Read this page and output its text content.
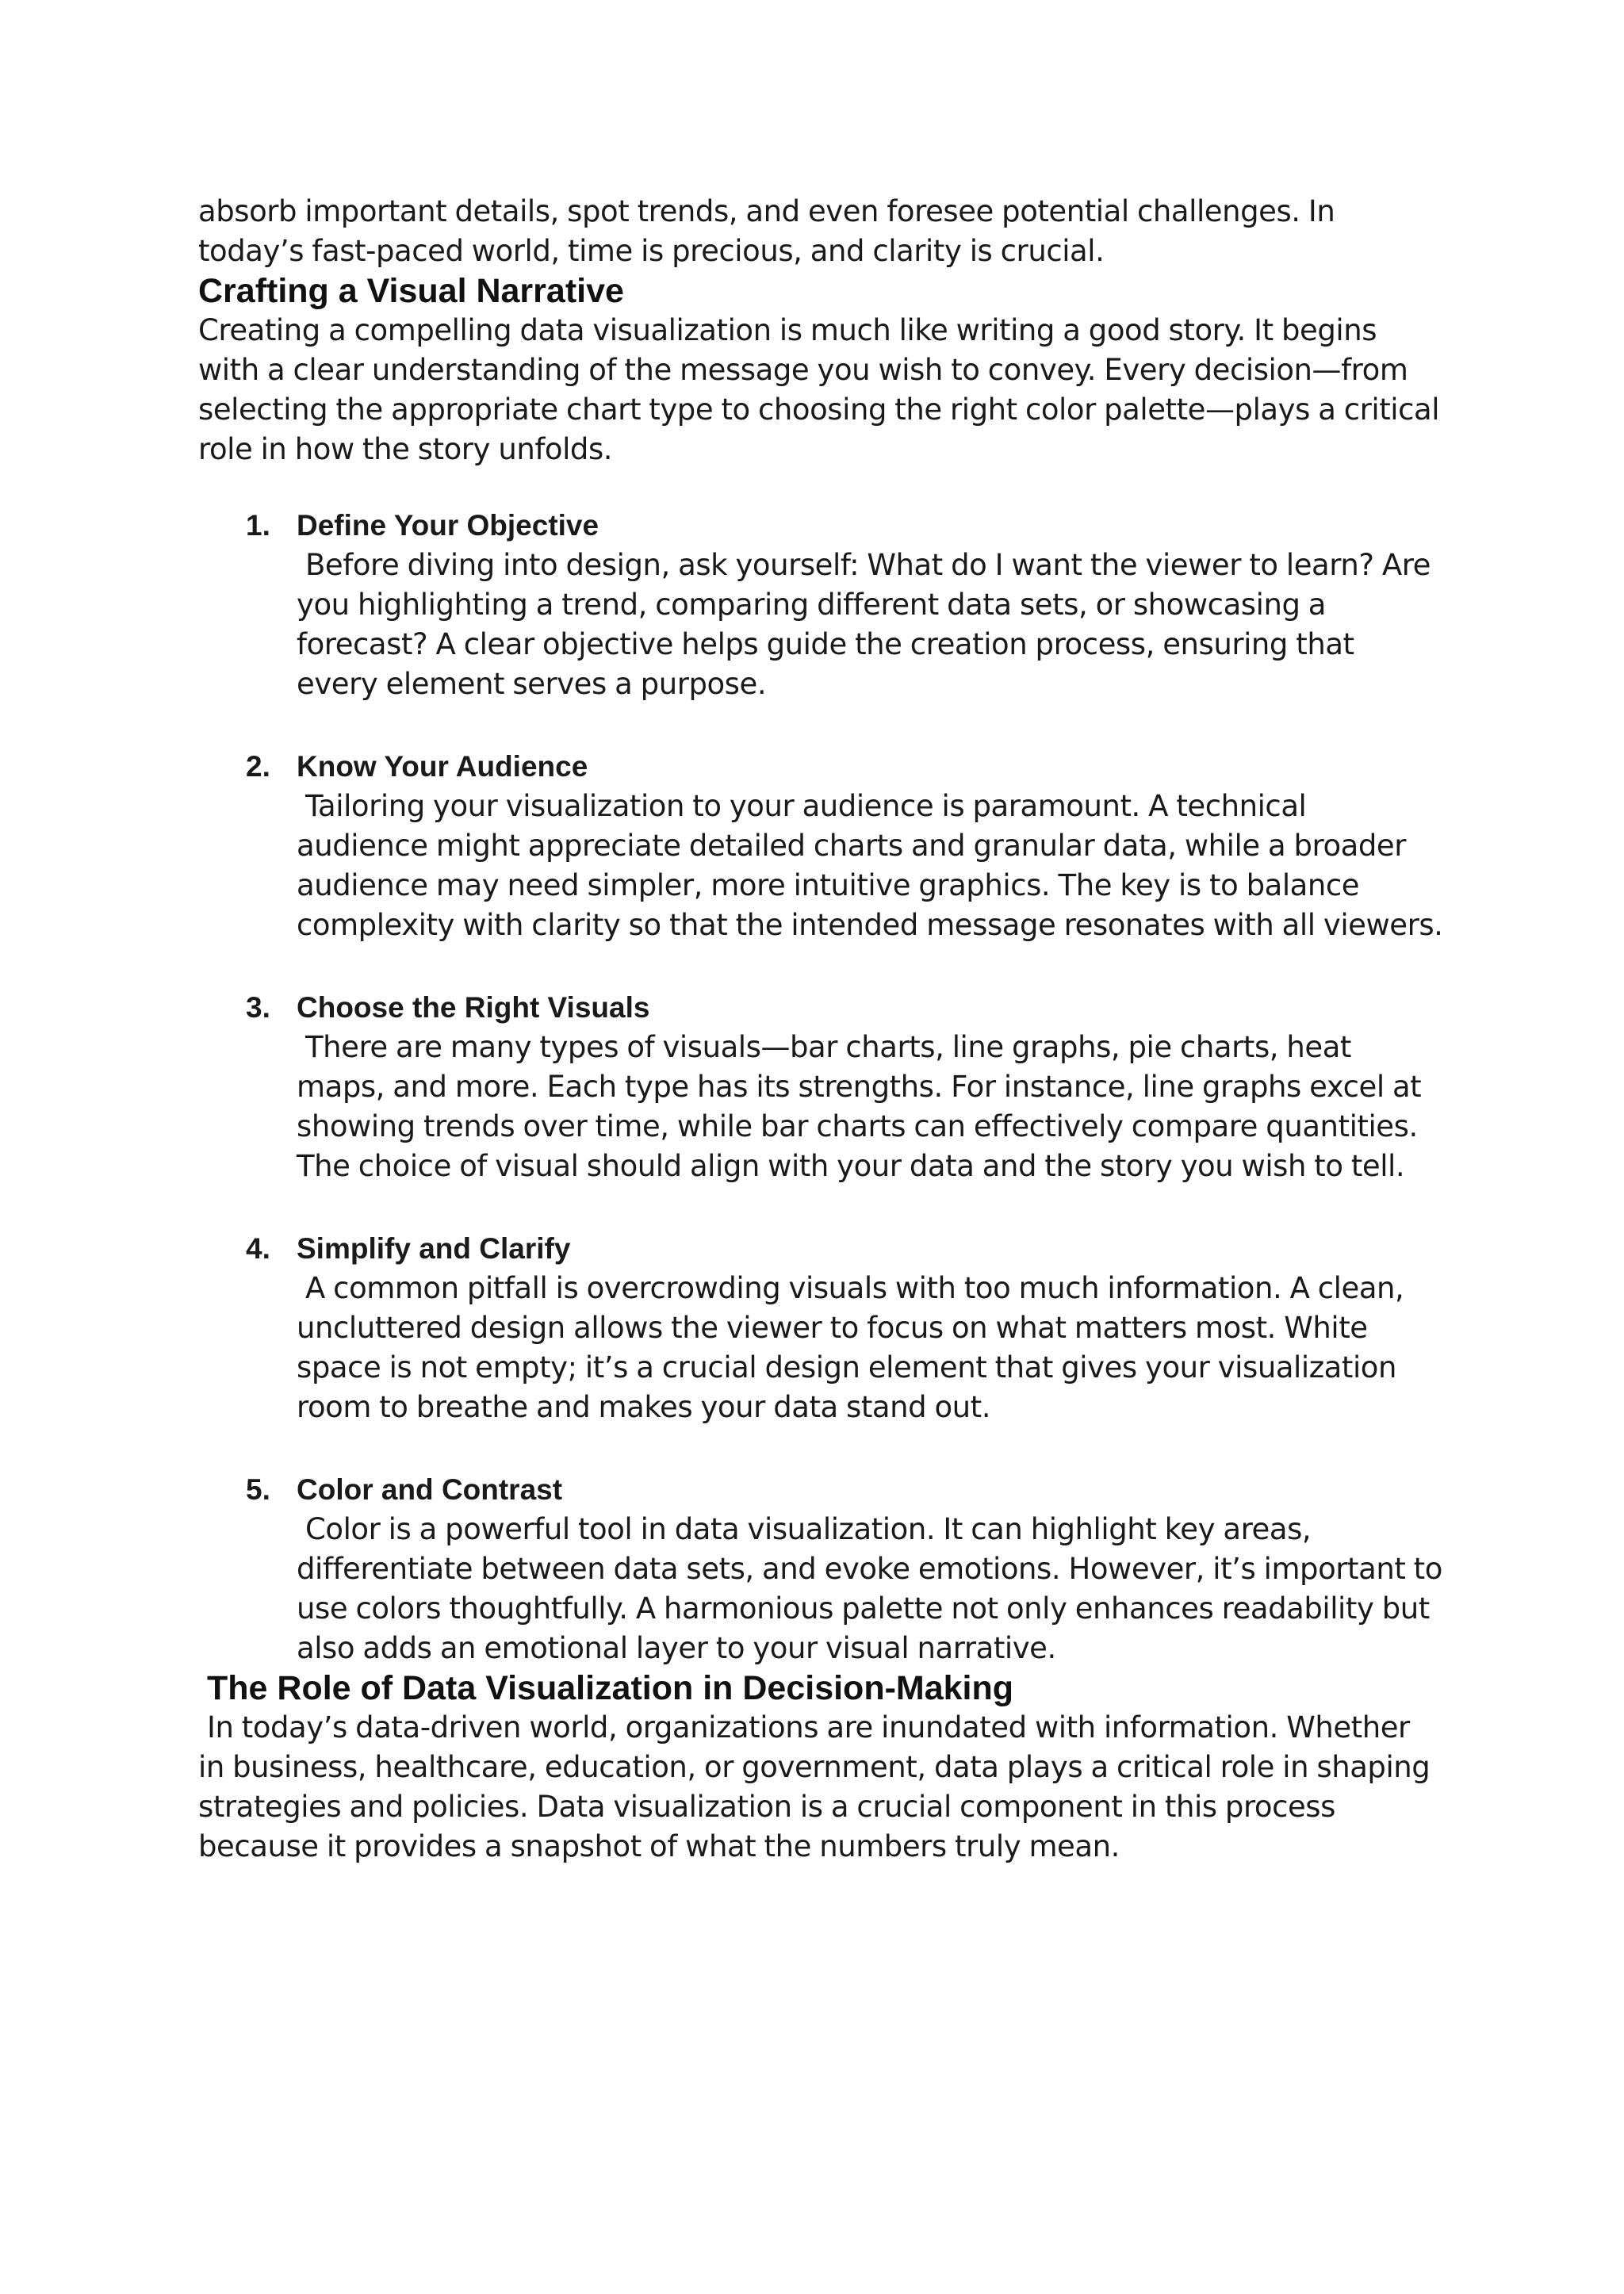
absorb important details, spot trends, and even foresee potential challenges. In today’s fast-paced world, time is precious, and clarity is crucial.

Crafting a Visual Narrative

Creating a compelling data visualization is much like writing a good story. It begins with a clear understanding of the message you wish to convey. Every decision—from selecting the appropriate chart type to choosing the right color palette—plays a critical role in how the story unfolds.

1. Define Your Objective
Before diving into design, ask yourself: What do I want the viewer to learn? Are you highlighting a trend, comparing different data sets, or showcasing a forecast? A clear objective helps guide the creation process, ensuring that every element serves a purpose.
2. Know Your Audience
Tailoring your visualization to your audience is paramount. A technical audience might appreciate detailed charts and granular data, while a broader audience may need simpler, more intuitive graphics. The key is to balance complexity with clarity so that the intended message resonates with all viewers.
3. Choose the Right Visuals
There are many types of visuals—bar charts, line graphs, pie charts, heat maps, and more. Each type has its strengths. For instance, line graphs excel at showing trends over time, while bar charts can effectively compare quantities. The choice of visual should align with your data and the story you wish to tell.
4. Simplify and Clarify
A common pitfall is overcrowding visuals with too much information. A clean, uncluttered design allows the viewer to focus on what matters most. White space is not empty; it’s a crucial design element that gives your visualization room to breathe and makes your data stand out.
5. Color and Contrast
Color is a powerful tool in data visualization. It can highlight key areas, differentiate between data sets, and evoke emotions. However, it’s important to use colors thoughtfully. A harmonious palette not only enhances readability but also adds an emotional layer to your visual narrative.
The Role of Data Visualization in Decision-Making

In today’s data-driven world, organizations are inundated with information. Whether in business, healthcare, education, or government, data plays a critical role in shaping strategies and policies. Data visualization is a crucial component in this process because it provides a snapshot of what the numbers truly mean.
